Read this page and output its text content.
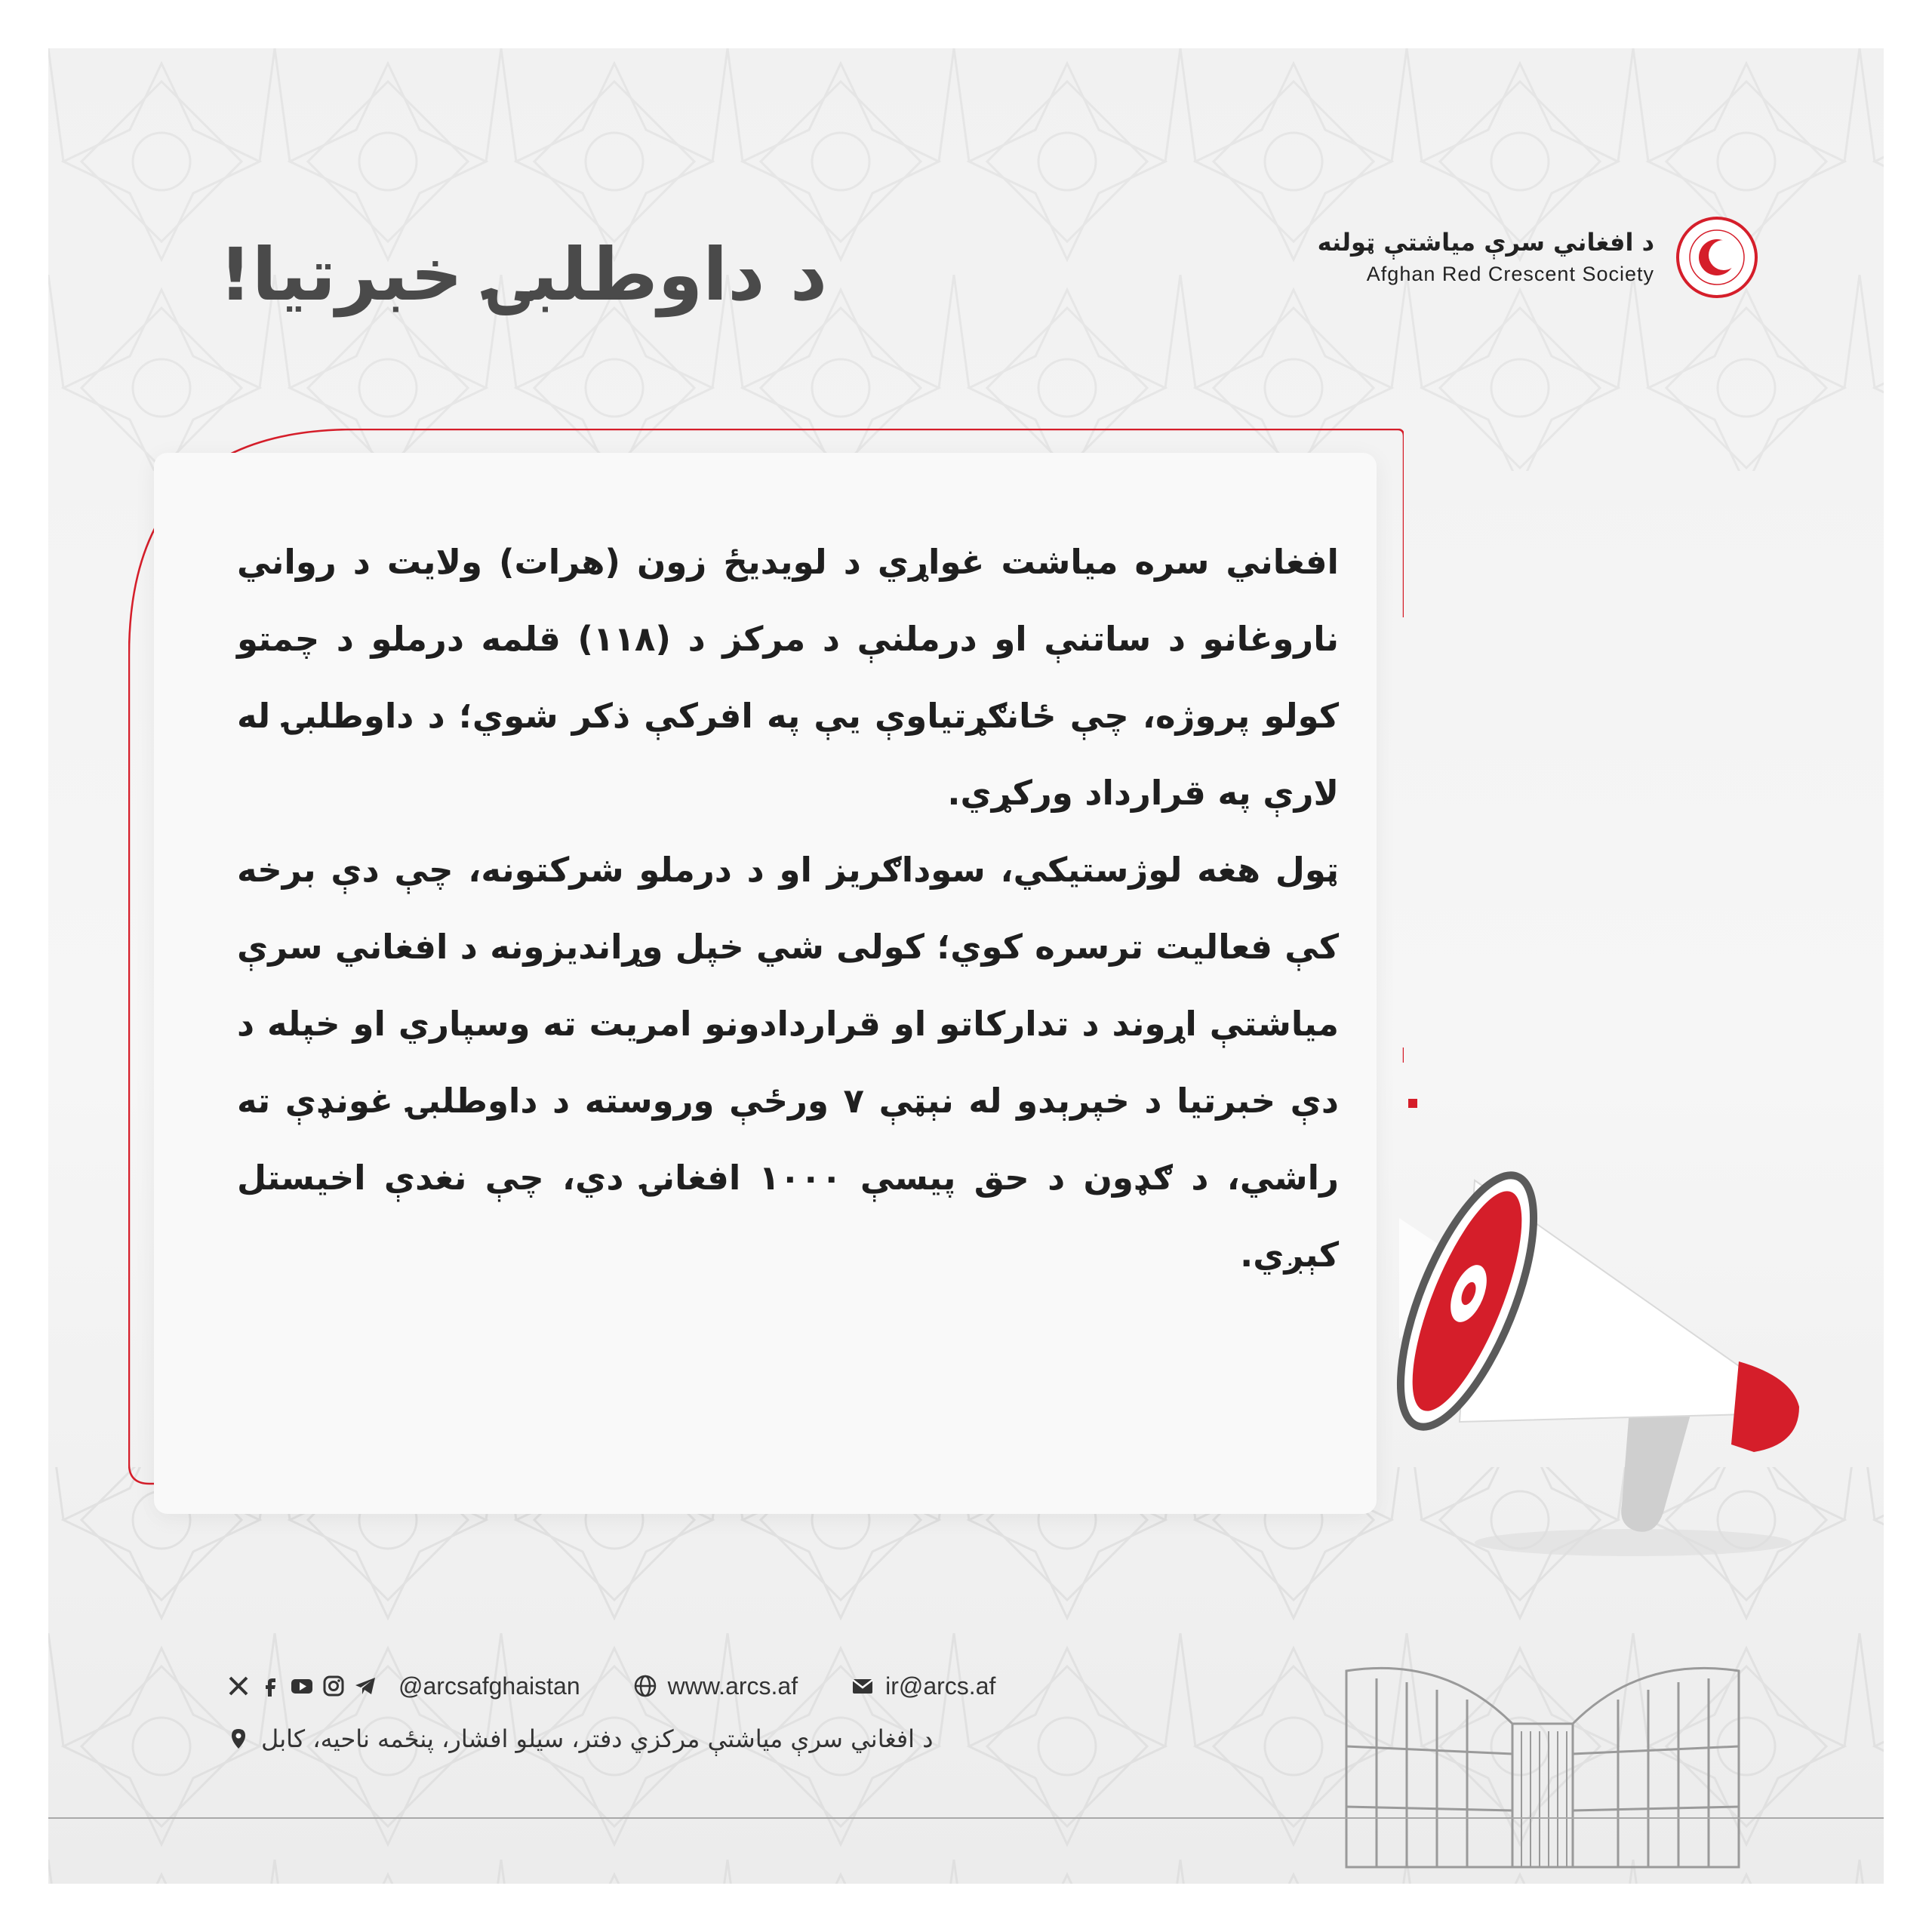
د افغاني سرې میاشتې ټولنه
Afghan Red Crescent Society
د داوطلبۍ خبرتیا!

افغاني سره میاشت غواړي د لویدیځ زون (هرات) ولایت د رواني ناروغانو د ساتنې او درملنې د مرکز د (۱۱۸) قلمه درملو د چمتو کولو پروژه، چې ځانګړتیاوې یې په افرکې ذکر شوي؛ د داوطلبۍ له لارې په قرارداد ورکړي.

ټول هغه لوژستیکي، سوداګریز او د درملو شرکتونه، چې دې برخه کې فعالیت ترسره کوي؛ کولی شي خپل وړاندیزونه د افغاني سرې میاشتې اړوند د تدارکاتو او قراردادونو امریت ته وسپاري او خپله د دې خبرتیا د خپرېدو له نېټې ۷ ورځې وروسته د داوطلبۍ غونډې ته راشي، د ګډون د حق پیسې ۱۰۰۰ افغانۍ دي، چې نغدې اخیستل کېږي.

@arcsafghaistan	www.arcs.af	ir@arcs.af
د افغاني سرې میاشتې مرکزي دفتر، سیلو افشار، پنځمه ناحیه، کابل
